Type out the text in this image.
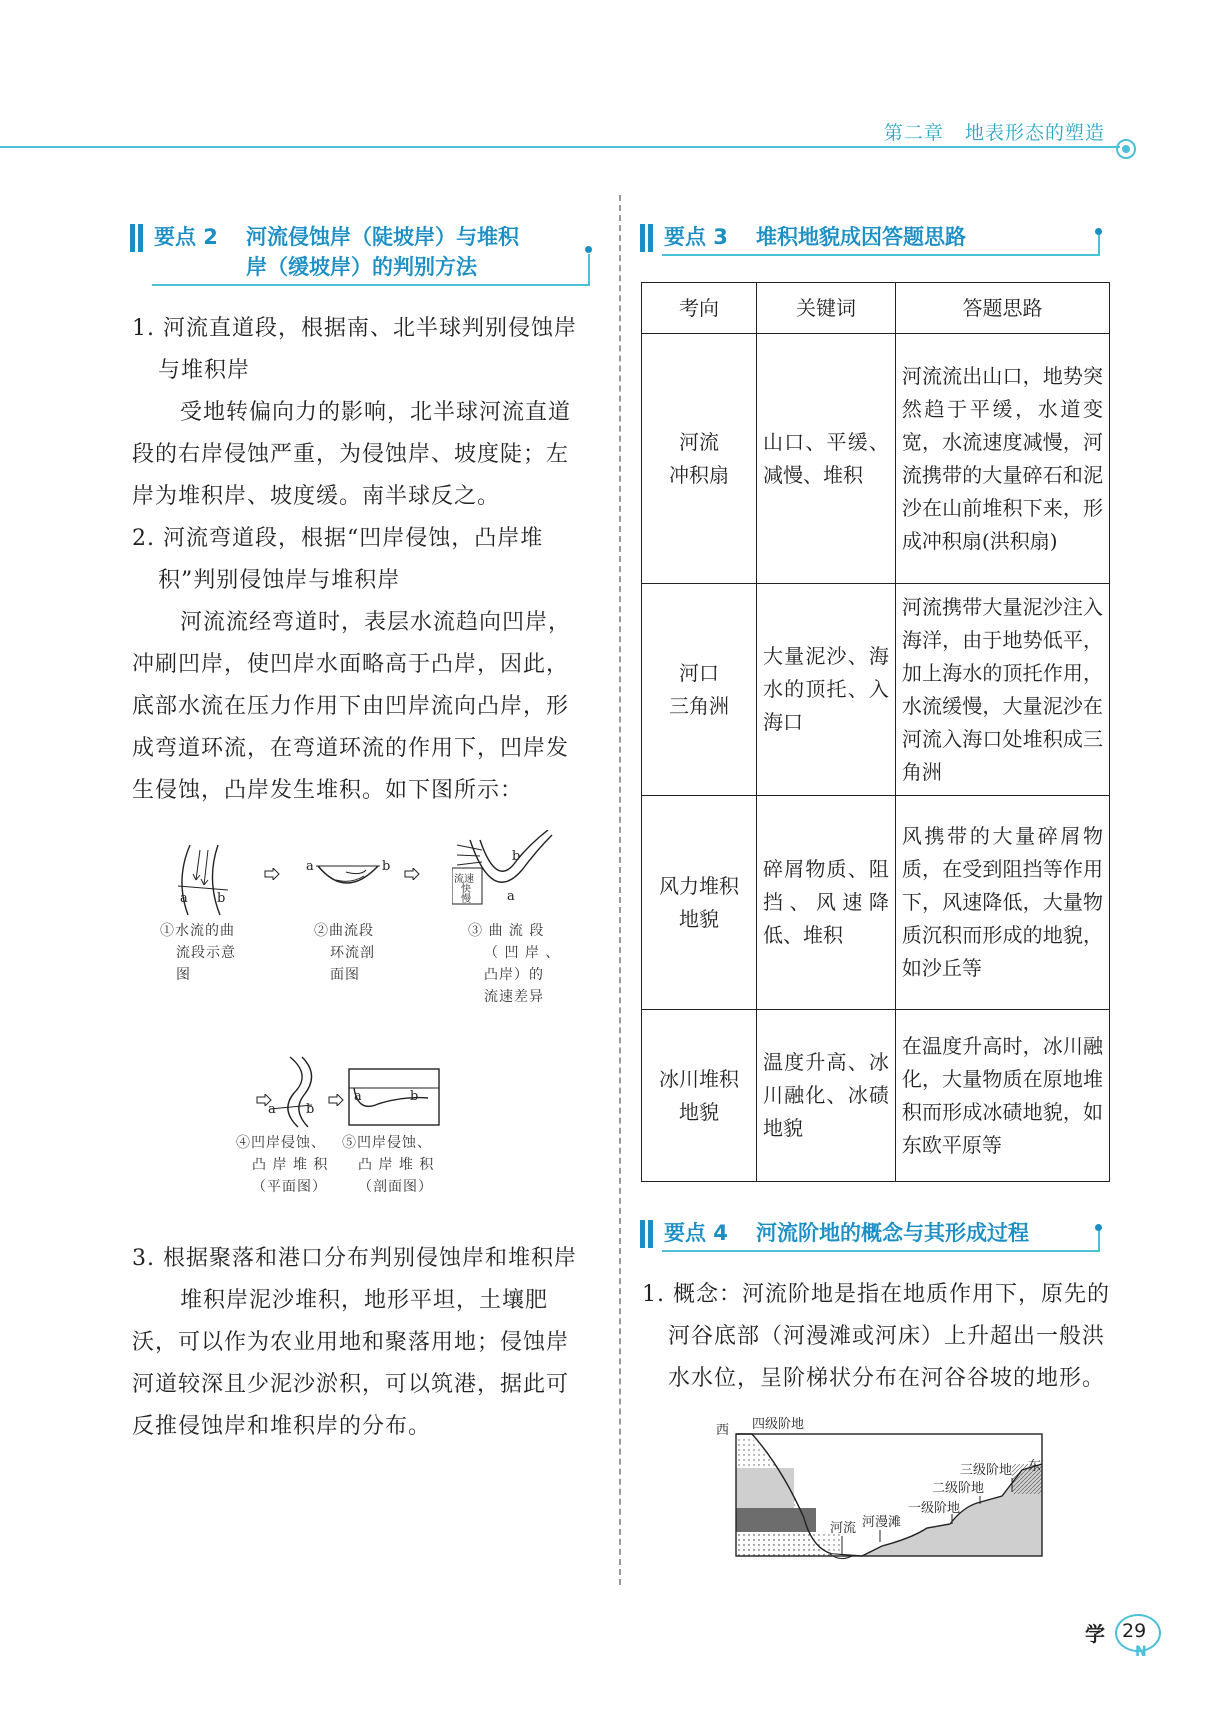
第二章 地表形态的塑造
要点 2 河流侵蚀岸（陡坡岸）与堆积
岸（缓坡岸）的判别方法

1. 河流直道段，根据南、北半球判别侵蚀岸

与堆积岸

受地转偏向力的影响，北半球河流直道

段的右岸侵蚀严重，为侵蚀岸、坡度陡；左

岸为堆积岸、坡度缓。南半球反之。

2. 河流弯道段，根据“凹岸侵蚀，凸岸堆

积”判别侵蚀岸与堆积岸

河流流经弯道时，表层水流趋向凹岸，

冲刷凹岸，使凹岸水面略高于凸岸，因此，

底部水流在压力作用下由凹岸流向凸岸，形

成弯道环流，在弯道环流的作用下，凹岸发

生侵蚀，凸岸发生堆积。如下图所示：

a b
a	b
流速
快
慢
b
a
①水流的曲
流段示意
图
②曲流段
环流剖
面图
③ 曲 流 段
（ 凹 岸 、
凸岸）的
流速差异
a b
a	b
④凹岸侵蚀、
凸 岸 堆 积
（平面图）
⑤凹岸侵蚀、
凸 岸 堆 积
（剖面图）

3. 根据聚落和港口分布判别侵蚀岸和堆积岸

堆积岸泥沙堆积，地形平坦，土壤肥

沃，可以作为农业用地和聚落用地；侵蚀岸

河道较深且少泥沙淤积，可以筑港，据此可

反推侵蚀岸和堆积岸的分布。

要点 3 堆积地貌成因答题思路
考向	关键词	答题思路
河流
冲积扇	山口、平缓、减慢、堆积	河流流出山口，地势突然趋于平缓，水道变宽，水流速度减慢，河流携带的大量碎石和泥沙在山前堆积下来，形成冲积扇(洪积扇)
河口
三角洲	大量泥沙、海水的顶托、入海口	河流携带大量泥沙注入海洋，由于地势低平，加上海水的顶托作用，水流缓慢，大量泥沙在河流入海口处堆积成三角洲
风力堆积
地貌	碎屑物质、阻挡、风速降低、堆积	风携带的大量碎屑物质，在受到阻挡等作用下，风速降低，大量物质沉积而形成的地貌，如沙丘等
冰川堆积
地貌	温度升高、冰川融化、冰碛地貌	在温度升高时，冰川融化，大量物质在原地堆积而形成冰碛地貌，如东欧平原等
要点 4 河流阶地的概念与其形成过程

1. 概念：河流阶地是指在地质作用下，原先的

河谷底部（河漫滩或河床）上升超出一般洪

水水位，呈阶梯状分布在河谷谷坡的地形。

西 四级阶地
东
三级阶地
二级阶地
一级阶地
河漫滩
河流
学 29
N
